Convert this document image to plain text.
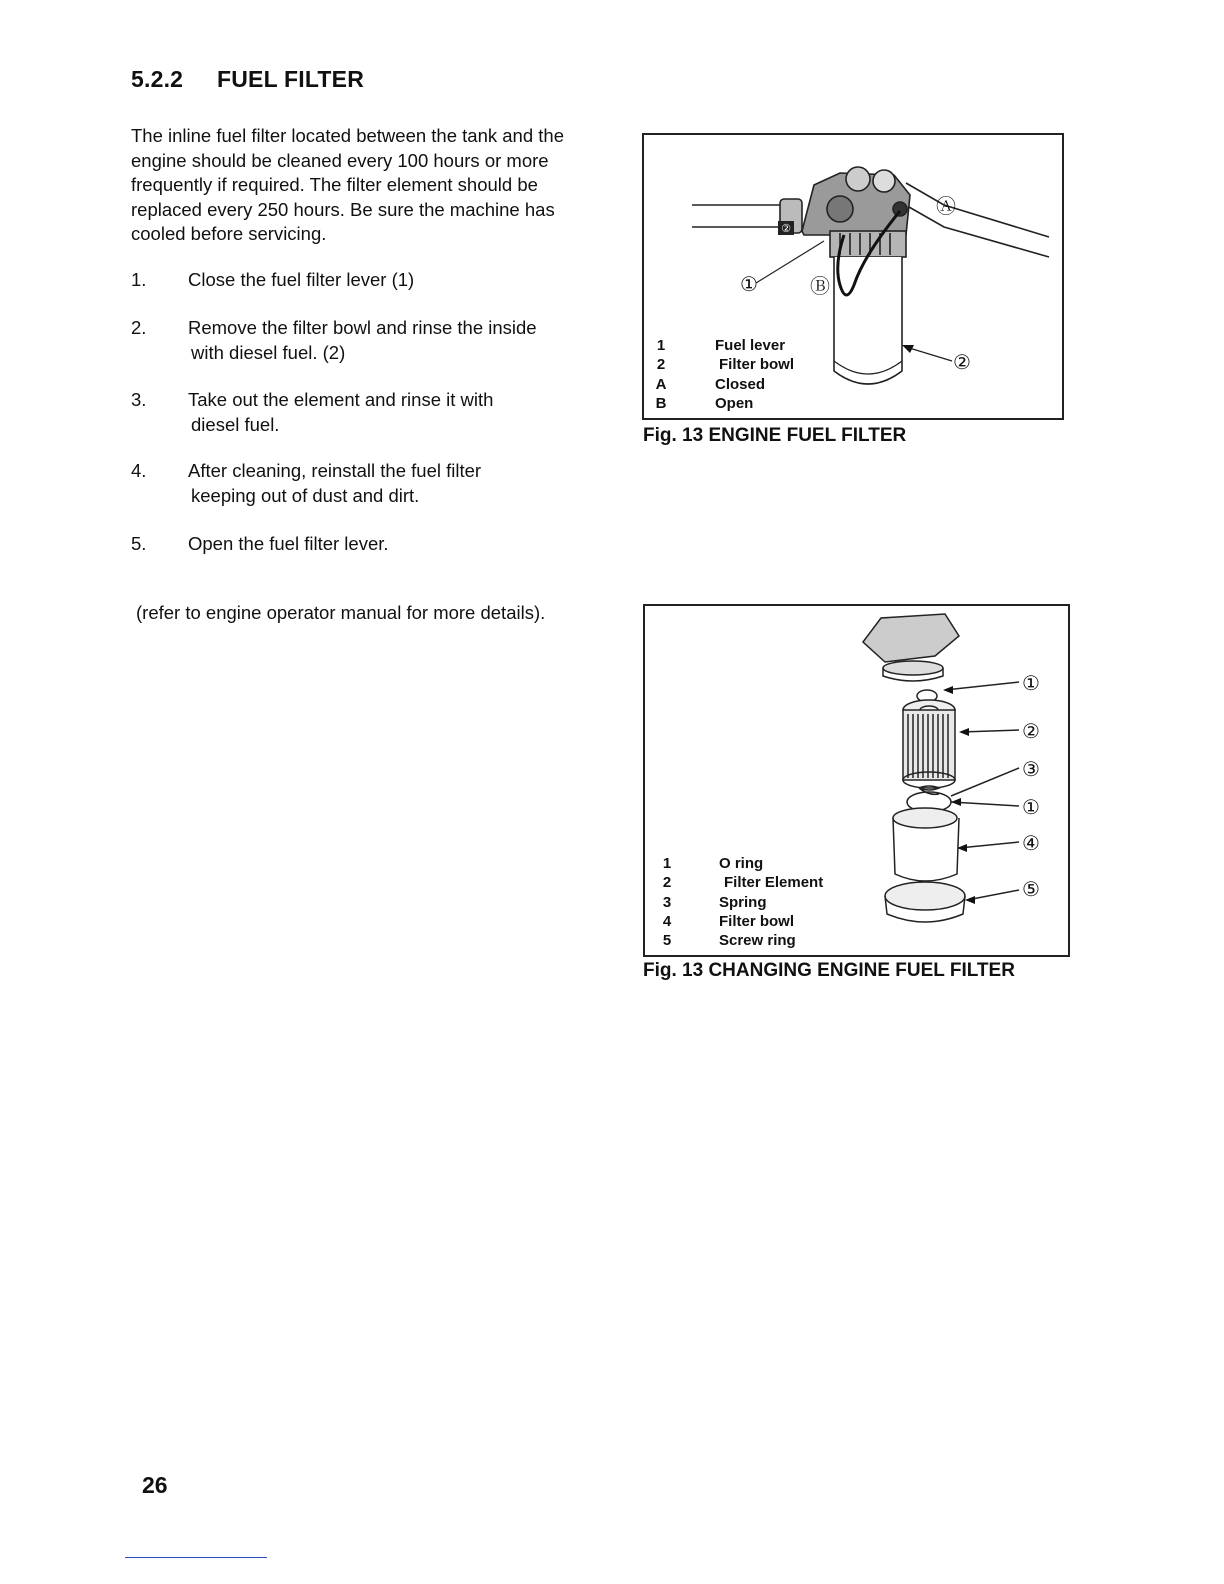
5.2.2 FUEL FILTER
The inline fuel filter located between the tank and the engine should be cleaned every 100 hours or more frequently if required. The filter element should be replaced every 250 hours. Be sure the machine has cooled before servicing.
1. Close the fuel filter lever (1)
2. Remove the filter bowl and rinse the inside
with diesel fuel. (2)
3. Take out the element and rinse it with
diesel fuel.
4. After cleaning, reinstall the fuel filter
keeping out of dust and dirt.
5. Open the fuel filter lever.
(refer to engine operator manual for more details).
②
①	Ⓑ
Ⓐ
②
1	Fuel lever
2	Filter bowl
A	Closed
B	Open
Fig. 13 ENGINE FUEL FILTER
①
②
③
①
④
⑤
1	O ring
2	Filter Element
3	Spring
4	Filter bowl
5	Screw ring
Fig. 13 CHANGING ENGINE FUEL FILTER
26
